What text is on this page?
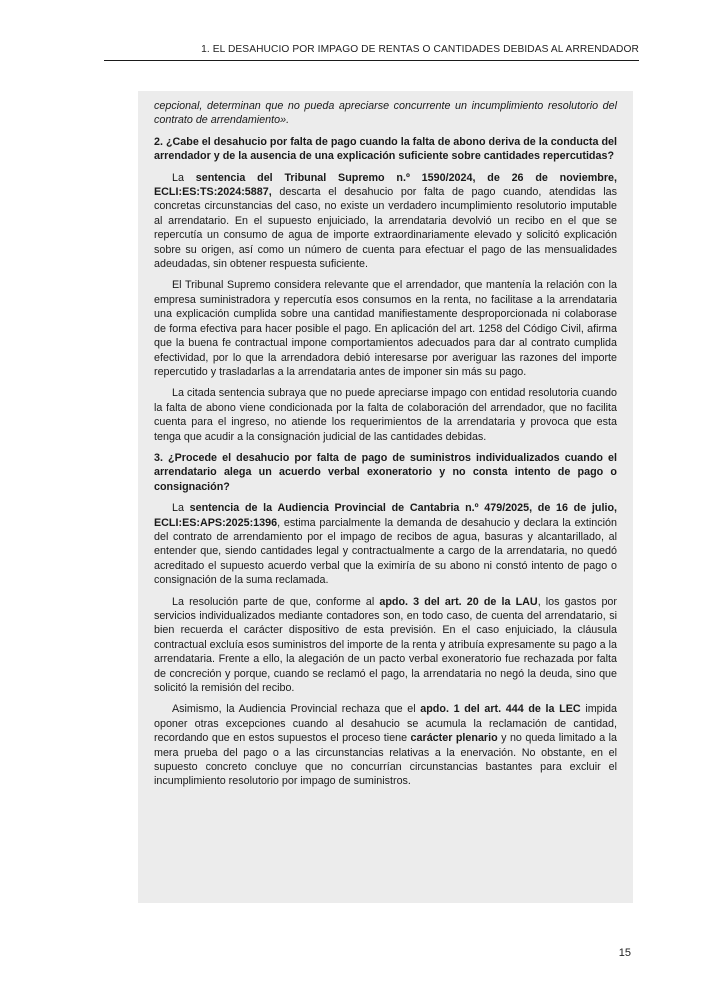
1. EL DESAHUCIO POR IMPAGO DE RENTAS O CANTIDADES DEBIDAS AL ARRENDADOR

cepcional, determinan que no pueda apreciarse concurrente un incumplimiento resolutorio del contrato de arrendamiento».

2. ¿Cabe el desahucio por falta de pago cuando la falta de abono deriva de la conducta del arrendador y de la ausencia de una explicación suficiente sobre cantidades repercutidas?

La sentencia del Tribunal Supremo n.º 1590/2024, de 26 de noviembre, ECLI:ES:TS:2024:5887, descarta el desahucio por falta de pago cuando, atendidas las concretas circunstancias del caso, no existe un verdadero incumplimiento resolutorio imputable al arrendatario. En el supuesto enjuiciado, la arrendataria devolvió un recibo en el que se repercutía un consumo de agua de importe extraordinariamente elevado y solicitó explicación sobre su origen, así como un número de cuenta para efectuar el pago de las mensualidades adeudadas, sin obtener respuesta suficiente.

El Tribunal Supremo considera relevante que el arrendador, que mantenía la relación con la empresa suministradora y repercutía esos consumos en la renta, no facilitase a la arrendataria una explicación cumplida sobre una cantidad manifiestamente desproporcionada ni colaborase de forma efectiva para hacer posible el pago. En aplicación del art. 1258 del Código Civil, afirma que la buena fe contractual impone comportamientos adecuados para dar al contrato cumplida efectividad, por lo que la arrendadora debió interesarse por averiguar las razones del importe repercutido y trasladarlas a la arrendataria antes de imponer sin más su pago.

La citada sentencia subraya que no puede apreciarse impago con entidad resolutoria cuando la falta de abono viene condicionada por la falta de colaboración del arrendador, que no facilita cuenta para el ingreso, no atiende los requerimientos de la arrendataria y provoca que esta tenga que acudir a la consignación judicial de las cantidades debidas.

3. ¿Procede el desahucio por falta de pago de suministros individualizados cuando el arrendatario alega un acuerdo verbal exoneratorio y no consta intento de pago o consignación?

La sentencia de la Audiencia Provincial de Cantabria n.º 479/2025, de 16 de julio, ECLI:ES:APS:2025:1396, estima parcialmente la demanda de desahucio y declara la extinción del contrato de arrendamiento por el impago de recibos de agua, basuras y alcantarillado, al entender que, siendo cantidades legal y contractualmente a cargo de la arrendataria, no quedó acreditado el supuesto acuerdo verbal que la eximiría de su abono ni constó intento de pago o consignación de la suma reclamada.

La resolución parte de que, conforme al apdo. 3 del art. 20 de la LAU, los gastos por servicios individualizados mediante contadores son, en todo caso, de cuenta del arrendatario, si bien recuerda el carácter dispositivo de esta previsión. En el caso enjuiciado, la cláusula contractual excluía esos suministros del importe de la renta y atribuía expresamente su pago a la arrendataria. Frente a ello, la alegación de un pacto verbal exoneratorio fue rechazada por falta de concreción y porque, cuando se reclamó el pago, la arrendataria no negó la deuda, sino que solicitó la remisión del recibo.

Asimismo, la Audiencia Provincial rechaza que el apdo. 1 del art. 444 de la LEC impida oponer otras excepciones cuando al desahucio se acumula la reclamación de cantidad, recordando que en estos supuestos el proceso tiene carácter plenario y no queda limitado a la mera prueba del pago o a las circunstancias relativas a la enervación. No obstante, en el supuesto concreto concluye que no concurrían circunstancias bastantes para excluir el incumplimiento resolutorio por impago de suministros.

15
